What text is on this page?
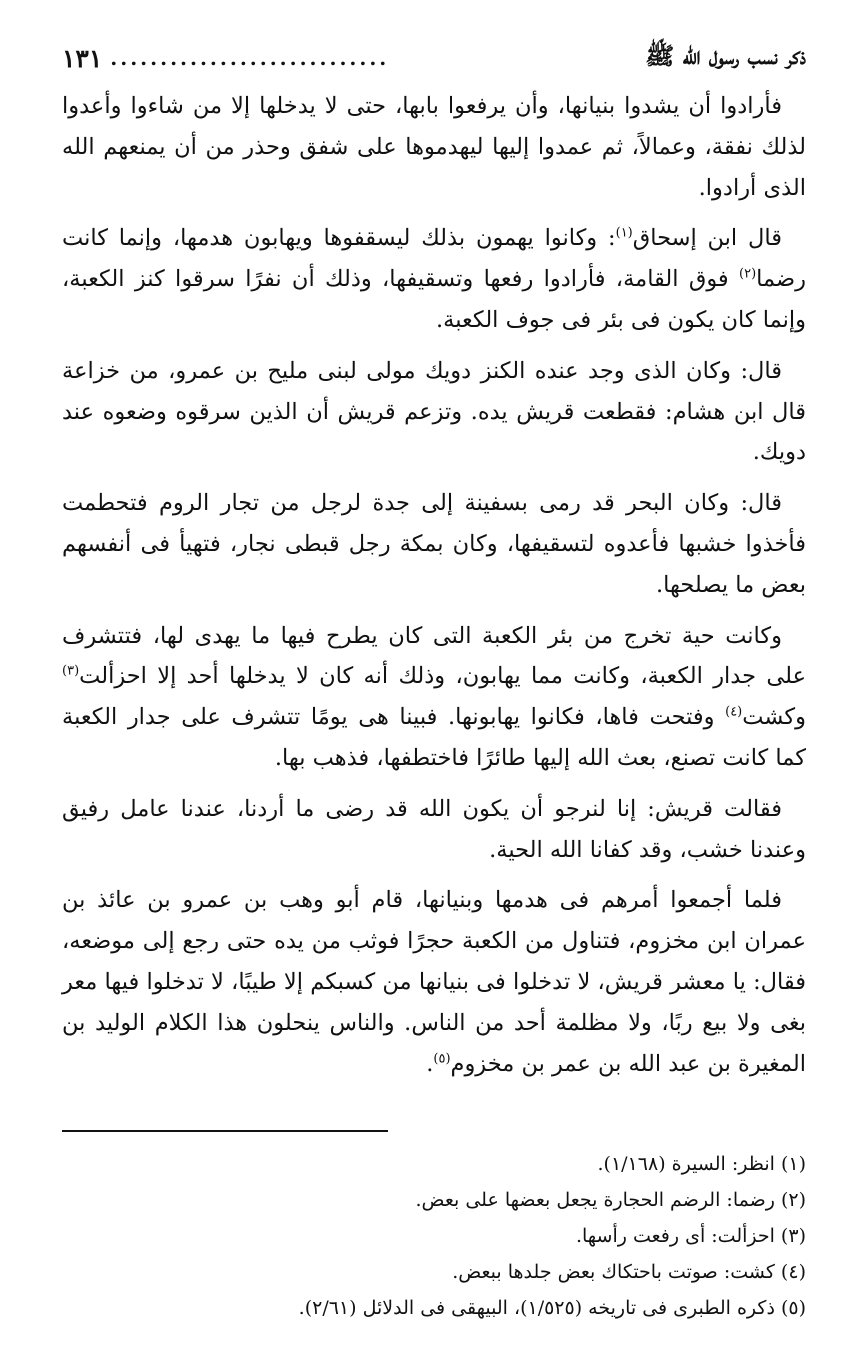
ذكر نسب رسول الله ﷺ
............................
١٣١

فأرادوا أن يشدوا بنيانها، وأن يرفعوا بابها، حتى لا يدخلها إلا من شاءوا وأعدوا لذلك نفقة، وعمالاً، ثم عمدوا إليها ليهدموها على شفق وحذر من أن يمنعهم الله الذى أرادوا.

قال ابن إسحاق$^{(١)}$: وكانوا يهمون بذلك ليسقفوها ويهابون هدمها، وإنما كانت رضما$^{(٢)}$ فوق القامة، فأرادوا رفعها وتسقيفها، وذلك أن نفرًا سرقوا كنز الكعبة، وإنما كان يكون فى بئر فى جوف الكعبة.

قال: وكان الذى وجد عنده الكنز دويك مولى لبنى مليح بن عمرو، من خزاعة قال ابن هشام: فقطعت قريش يده. وتزعم قريش أن الذين سرقوه وضعوه عند دويك.

قال: وكان البحر قد رمى بسفينة إلى جدة لرجل من تجار الروم فتحطمت فأخذوا خشبها فأعدوه لتسقيفها، وكان بمكة رجل قبطى نجار، فتهيأ فى أنفسهم بعض ما يصلحها.

وكانت حية تخرج من بئر الكعبة التى كان يطرح فيها ما يهدى لها، فتتشرف على جدار الكعبة، وكانت مما يهابون، وذلك أنه كان لا يدخلها أحد إلا احزألت$^{(٣)}$ وكشت$^{(٤)}$ وفتحت فاها، فكانوا يهابونها. فبينا هى يومًا تتشرف على جدار الكعبة كما كانت تصنع، بعث الله إليها طائرًا فاختطفها، فذهب بها.

فقالت قريش: إنا لنرجو أن يكون الله قد رضى ما أردنا، عندنا عامل رفيق وعندنا خشب، وقد كفانا الله الحية.

فلما أجمعوا أمرهم فى هدمها وبنيانها، قام أبو وهب بن عمرو بن عائذ بن عمران ابن مخزوم، فتناول من الكعبة حجرًا فوثب من يده حتى رجع إلى موضعه، فقال: يا معشر قريش، لا تدخلوا فى بنيانها من كسبكم إلا طيبًا، لا تدخلوا فيها معر بغى ولا بيع ربًا، ولا مظلمة أحد من الناس. والناس ينحلون هذا الكلام الوليد بن المغيرة بن عبد الله بن عمر بن مخزوم$^{(٥)}$.

(١) انظر: السيرة (١/١٦٨).
(٢) رضما: الرضم الحجارة يجعل بعضها على بعض.
(٣) احزألت: أى رفعت رأسها.
(٤) كشت: صوتت باحتكاك بعض جلدها ببعض.
(٥) ذكره الطبرى فى تاريخه (١/٥٢٥)، البيهقى فى الدلائل (٢/٦١).
